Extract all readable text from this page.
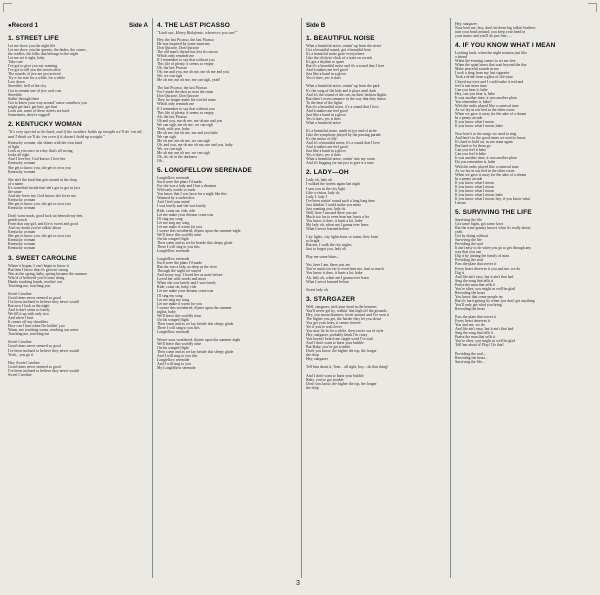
●Record 1	Side A
1. STREET LIFE

Let me show you the night life
Let me show you the queens, the dudes, the crazes,
the cradles, the folks that belongs in the night
Let me set it right, baby
Take care
I've got to give you my warning
I've got to tell you the streets alive
The sounds of jive are just arrived
Try it for size for a while, for a while
Low down
Streetlife, hell of the city
Got to remain one of jive cool cats
Streetlife
Sailin' through there
Got to know your way around 'cause somehow you
might get hurt, get hurt, get hurt
Look out, some of these streets are hard
Sometimes, they're rugged!

2. KENTUCKY WOMAN

"It's very special to be back, and if the weather holds up tonight we'll do 'em all, and I think we'll do 'em even if it doesn't hold up tonight."

Kentucky woman, she shines with her own kind
of light
Look at you once in a day that's all wrong,
looks all right
And I love her, God knows I love her
Kentucky woman
She get to know you, she get to own you
Kentucky woman

She ain't the kind that gets turned at the drop
of a name
It's somethin' inside that she's got to get us just
the same
And she loves me, God knows she loves me
Kentucky woman
She get to know you, she get to own you
Kentucky woman

Don't want much, good luck sat beneath my feet,
gentle touch
From that one girl, and life is sweet and good
Ain't no doubt you've talkin' about
Kentucky woman
She get to know you, she get to own you
Kentucky woman
Kentucky woman
Kentucky woman

3. SWEET CAROLINE

Where it began, I can't begin to know it
But then I know that it's growin' strong
Was in the spring, baby, spring became the summer
Who'd of believed you'd come along
Hands touching hands, reachin' out
Touching me, touching you

Sweet Caroline
Good times never seemed so good
I've been inclined to believe they never would
But now I look at the night
And it don't seem so lonely
We fill it up with only two
And when I hurt
It comes off my shoulders
How can I hurt when I'm holdin' you
Warm, me touching warm, reaching out sense
Touching me, touching me

Sweet Caroline
Good times never seemed so good
I've been inclined to believe they never would
Yeah... you go it

Hey, Sweet Caroline
Good times never seemed so good
I've been inclined to believe they never would
Sweet Caroline

4. THE LAST PICASSO

"Look out, Harry Belafonte, wherever you are!"

Hey, the last Picasso, the last Picasso
He was inspired by some museum
Don Quixote, Don Quixote
The old man's rhyme has lost its reason
Which only reminds me
If I remember to say that without you
This life of plenty, it seems so empty
Oh, the last Picasso
Oh, me and you, me oh me, me oh me and you
We, we can sigh
Me oh me, me oh me, me can sigh, yeah!

The last Picasso, the last Picasso
For I made the dust so near the ruins
Don Quixote, Don Quixote
They no longer make his wistful tunes
Which only reminds me
If I remember to say that without you
This life of plenty, it seems so empty
Ah, the last Picasso
Oh and you, me oh me, me oh me and you
We can sigh, me oh me, we can sigh
Yeah, with you, baby
Me oh me, me oh me, me and you babe
We can sigh
Me oh me, me oh me, we can sigh
Oh, and you, me oh me oh me, me and you, baby
We, we can sigh
Me oh me, me oh me, we can sigh
Oh, oh, oh in the darkness
Oh...

5. LONGFELLOW SERENADE

Longfellow serenade
Such were the plans I'd made
For she was a lady and I but a dreamer
With only words to trade
You know that I was born for a night like this
Warmed by a stolen kiss
And I feel your mind
I was lonely and she was lonely
Ride, come on, ride, ride
Let me make your dreams come true
I'll sing my song
Let me sing my song
Let me make it warm for you
I weave this weathered, rhyme upon the summer night
We'll leave this worldly time
On his winged flight
Then come and as we lie beside this sleepy glade
There I will sing to you this
Longfellow serenade

Longfellow serenade
Such were the plans I'd made
But she was a lady, as deep as the river
Through the night we stayed
And in my way, I loved her as none before
Loved her with words and more
When she was lonely and I was lonely
Ride, come on, baby, ride
Let me make your dreams come true
I'll sing my song
Let me sing my song
Let me make it warm for you
I weave this weathered, rhyme upon the summer
nights, baby
We'll leave this worldly time
On his winged flight
Then come and as we lay beside this sleepy glade
There I will sing to you this
Longfellow serenade

Weave your weathered, rhyme upon the summer night
We'll leave this worldly time
On his winged flight
Then come and as we lay beside this sleepy glade
And I will sing to you this
Longfellow serenade
And I will sing to you
My Longfellow serenade

Side B
1. BEAUTIFUL NOISE

What a beautiful noise, comin' up from the street
Got a beautiful sound, got a beautiful beat
It's a beautiful noise goin' everywhere
Like the clickety-clack of a train on a track
It's got a rhythm to spare
But it's a beautiful noise and it's a sound that I love
And it makes me feel good
Just like a hand in a glove
Yes it does, yes it does

What a beautiful noise, comin' up from the park
It's the song of the kids and it plays until dark
And it's the sound of the cars on their fashion flights
But there's even romance in the way that they dance
To the beat of the lights
But it's a beautiful noise, it's a sound that I love
And it makes me feel good
Just like a hand in a glove
Yes it does, yes it does
What a beautiful noise

It's a beautiful noise, made of joy and of strife
Like the symphony played by the passing parade
It's the music of life
And it's a beautiful noise, it's a sound that I love
And it makes me feel good
Just like a hand in a glove
Yes it does, yes it does
What a beautiful noise, comin' into my room
And it's begging for me just to give it a tune

2. LADY—OH

Lady oh, lady oh
I walked the streets again last night
I saw you in the city light
Like a vision, lady oh
Lady I, lady I
I've been waitin' round such a long long time
Just thinkin' I could make you mine
Just wanting you, lady oh
Well, here I am and there you are
Much too far to even hear me, hurts a lot
You know it does, it hurts a lot, babe
My lady oh, when am I gonna ever learn
What I never learned before

City lights, city lights burn so warm, they burn
so bright
But me, I walk the city nights
Just to forget you, lady oh

Play me some blues...

Yes, here I am, there you are
You're much too far to even hear me, hurt so much
You know it does, it hurts a lot, babe
Ah, lady oh, when am I gonna ever learn
What I never learned before

Sweet lady oh

3. STARGAZER

Well, stargazer, with your head in the heavens
You'll never get by, walkin' that high off the grounds
Hey, you moon dreamer, lovin' around and I've seen it
The higher you get, the harder they let you down
You get your fears, it seems forever
Yet if you're real clever
You may lie in for a while, then you're out of style
Hey, stargazer, probably think I'm crazy
You haven't heard one single word I've said
And I don't want to burst your bubble
But Baby, you've got trouble
Don't you know, the higher the top, the longer
the drop
Hey, stargazer

Tell him about it, Tom... all right, boy... do that thing!

And I don't want to burst your bubble
Baby, you've got trouble
Don't you know, the higher the top, the longer
the drop

Hey, stargazer
Now hear me, boy, don't let them big talkin' feathers
turn your head around, you keep your head in
your music and you'll do just fine......

4. IF YOU KNOW WHAT I MEAN

Looking back, when the night reunion just like
a friend
When the evening comes to set me free
When the quiet hours that wait beyond the day
Make peaceful sounds in me
I took a drag from my last cigarette
Took a drink from a glass of old wine
Closed my eyes and I could make it real and
feel it one more time
Can you hear it, babe
Hey, can you hear it, babe
It was another time, it was another place
You remember it, babe?
With the radio played like a carnival tune
As we lay in our bed in the other room
When we gave it away for the sake of a dream
In a penny arcade
If you know what I mean
If you know what I mean, babe

Now here's to the songs we used to sing
And here's to the good times we used to know
It's hard to hold on, in our arms again
But hard to let them go
Can you feel it babe
Can you feel it babe
It was another time, it was another place
Do you remember it, babe
With the radio played like a carnival tune
As we lay in our bed in the other room
When we gave it away for the sake of a dream
In a penny arcade
If you know what I mean
If you know what I mean
If you know what I mean
If you know what I mean, babe
If you know what I mean, hey, if you know what
I mean

5. SURVIVING THE LIFE

Surviving the life
Got some highs, got some lows
But the wine granny knows what it's really about,
yeah
Got by doing without
Surviving the life
Providing the soul
It ain't easy to do when you go to get through any
way that you can
Dig it by joining the family of man
Providing the soul
Pass the plate that serves it
Every heart deserves it you and me, we do
Dig it
And life ain't easy, but it ain't that bad
Sing the song that tells it
Praise the man that sells it
You're alive, you might as well be glad
Revealing the heart
You know that some people try
But it's hard getting by when you don't get anything
You'll only get what you bring
Revealing the heart

Pass the plate that serves it
Every heart deserves it
You and me, we do
And life ain't easy, but it ain't that bad
Sing the song that tells it
Praise the man that sells it
You're alive, you might as well be glad
Tell 'em about it! Play! Do that!

Providing the soul...
Revealing the heart...
Surviving the life...

3
